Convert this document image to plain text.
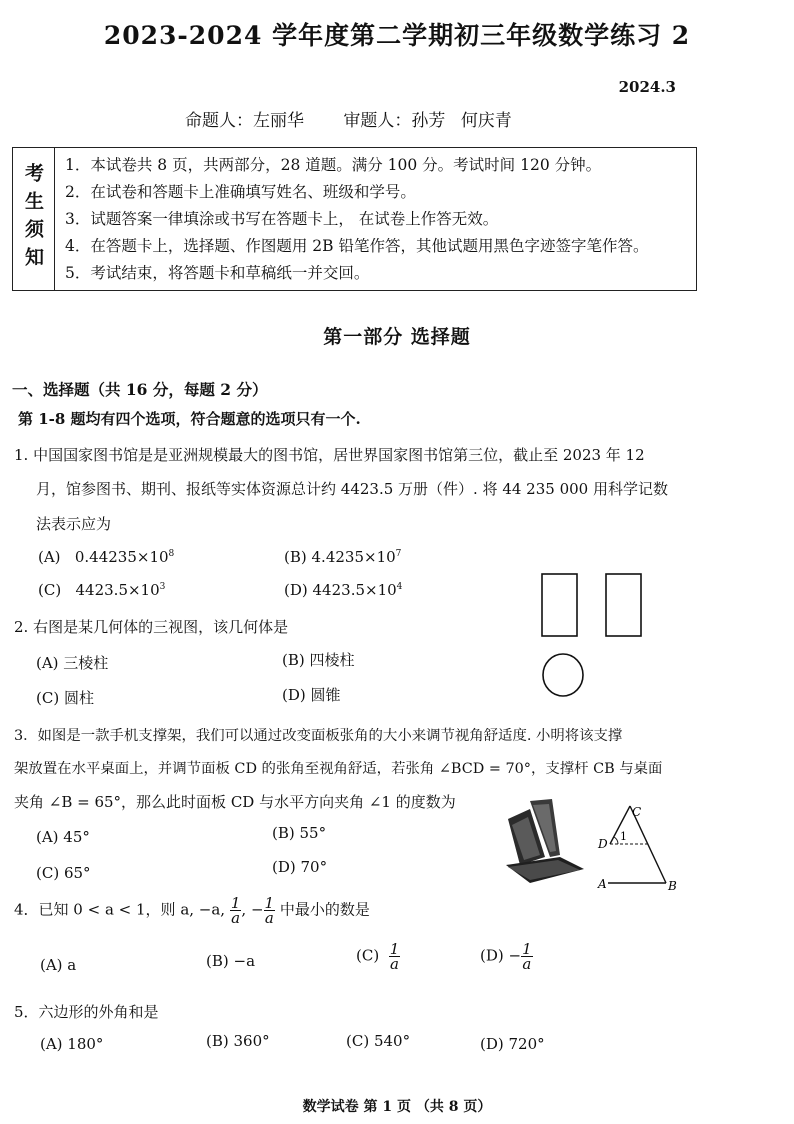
2023-2024 学年度第二学期初三年级数学练习 2
2024.3
命题人：左丽华 审题人：孙芳 何庆青
考生须知 1．本试卷共 8 页，共两部分，28 道题。满分 100 分。考试时间 120 分钟。
2．在试卷和答题卡上准确填写姓名、班级和学号。
3．试题答案一律填涂或书写在答题卡上， 在试卷上作答无效。
4．在答题卡上，选择题、作图题用 2B 铅笔作答，其他试题用黑色字迹签字笔作答。
5．考试结束，将答题卡和草稿纸一并交回。
第一部分 选择题
一、选择题（共 16 分，每题 2 分）
第 1-8 题均有四个选项，符合题意的选项只有一个.
1. 中国国家图书馆是是亚洲规模最大的图书馆，居世界国家图书馆第三位，截止至 2023 年 12
月，馆参图书、期刊、报纸等实体资源总计约 4423.5 万册（件）. 将 44 235 000 用科学记数
法表示应为
(A) $0.44235\times 10^8$	(B) $4.4235\times 10^7$
(C) $4423.5\times 10^3$	(D) $4423.5\times 10^4$
2. 右图是某几何体的三视图，该几何体是
(A) 三棱柱	(B) 四棱柱
(C) 圆柱	(D) 圆锥
3．如图是一款手机支撑架，我们可以通过改变面板张角的大小来调节视角舒适度. 小明将该支撑
架放置在水平桌面上，并调节面板 CD 的张角至视角舒适，若张角 ∠BCD = 70°，支撑杆 CB 与桌面
夹角 ∠B = 65°，那么此时面板 CD 与水平方向夹角 ∠1 的度数为
(A) 45°	(B) 55°
(C) 65°	(D) 70°
C
D
1
A	B
4．已知 0 < a < 1，则 a, −a, $\frac{1}{a}$ , − $\frac{1}{a}$ 中最小的数是
(A) a	(B) −a	$(C) \frac{1}{a}$	$(D) - \frac{1}{a}$
5．六边形的外角和是
(A) 180°	(B) 360°	(C) 540°	(D) 720°
数学试卷 第 1 页 （共 8 页）
